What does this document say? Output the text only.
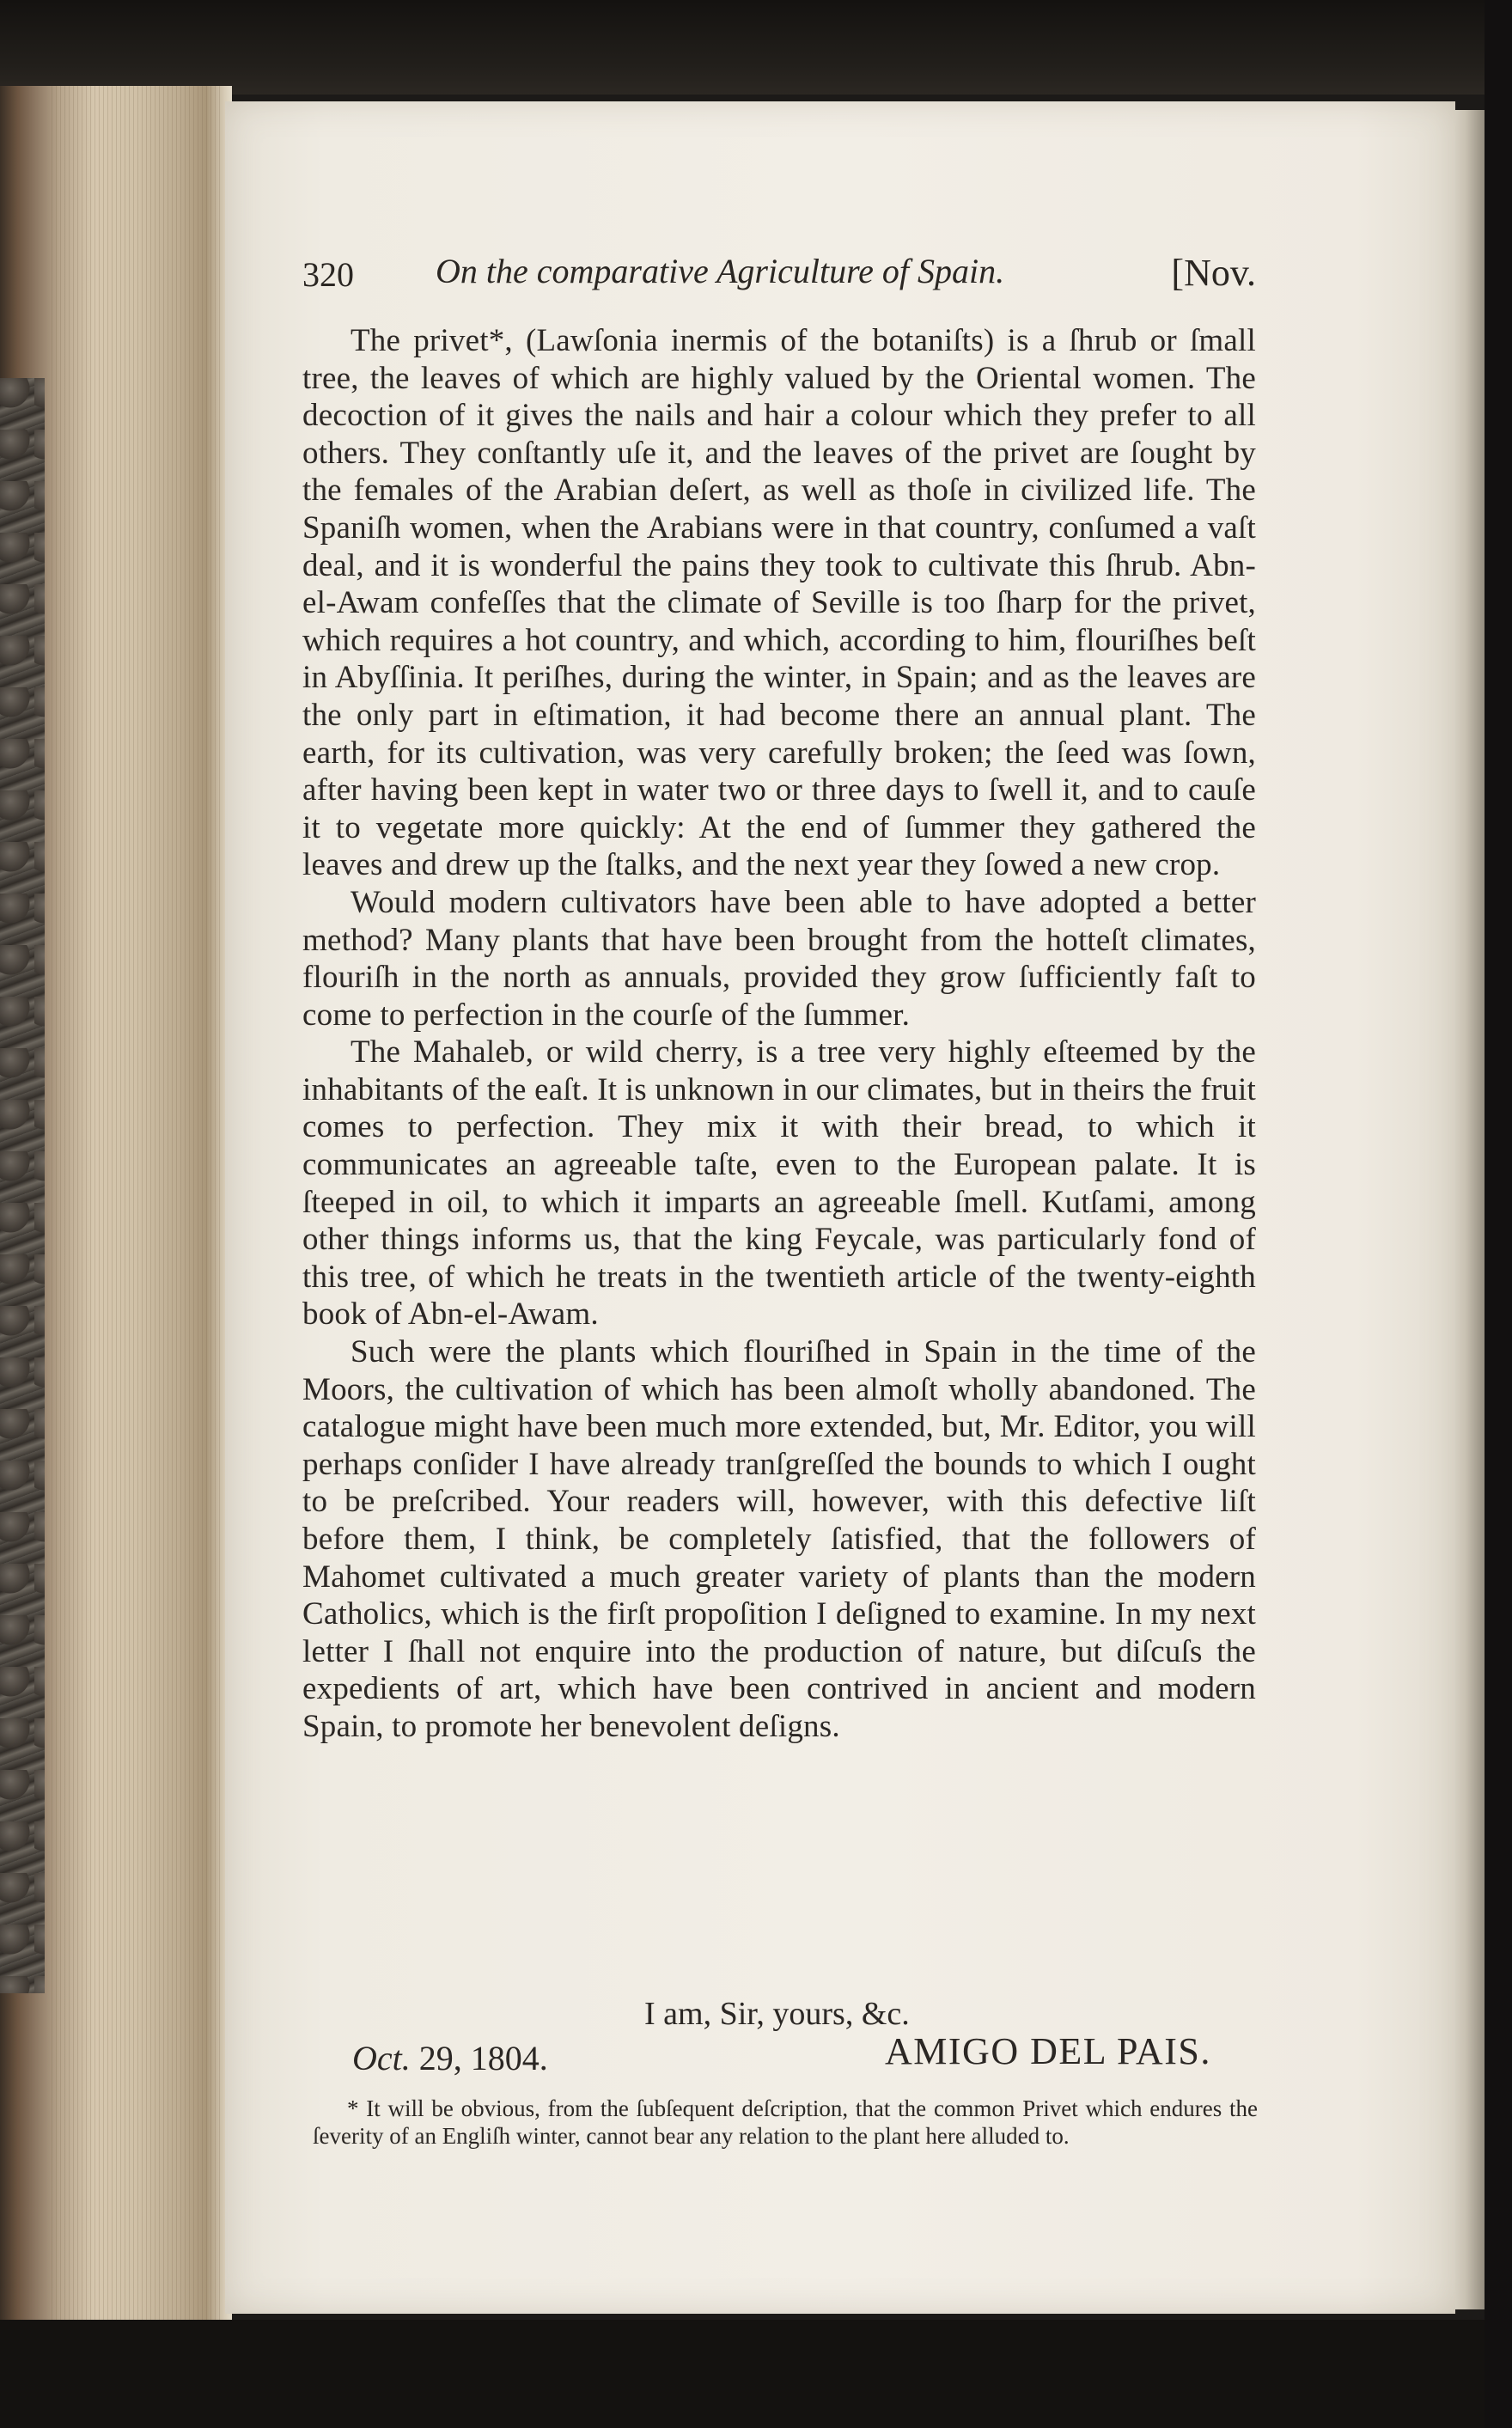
320 On the comparative Agriculture of Spain.	[Nov.

The privet*, (Lawſonia inermis of the botaniſts) is a ſhrub or ſmall tree, the leaves of which are highly valued by the Oriental women. The decoction of it gives the nails and hair a colour which they prefer to all others. They conſtantly uſe it, and the leaves of the privet are ſought by the females of the Arabian deſert, as well as thoſe in civilized life. The Spaniſh women, when the Arabians were in that country, conſumed a vaſt deal, and it is wonderful the pains they took to cultivate this ſhrub. Abn-el-Awam confeſſes that the climate of Seville is too ſharp for the privet, which requires a hot country, and which, according to him, flouriſhes beſt in Abyſſinia. It periſhes, during the winter, in Spain; and as the leaves are the only part in eſtimation, it had become there an annual plant. The earth, for its cultivation, was very carefully broken; the ſeed was ſown, after having been kept in water two or three days to ſwell it, and to cauſe it to vegetate more quickly: At the end of ſummer they gathered the leaves and drew up the ſtalks, and the next year they ſowed a new crop.

Would modern cultivators have been able to have adopted a better method? Many plants that have been brought from the hotteſt climates, flouriſh in the north as annuals, provided they grow ſufficiently faſt to come to perfection in the courſe of the ſummer.

The Mahaleb, or wild cherry, is a tree very highly eſteemed by the inhabitants of the eaſt. It is unknown in our climates, but in theirs the fruit comes to perfection. They mix it with their bread, to which it communicates an agreeable taſte, even to the European palate. It is ſteeped in oil, to which it imparts an agreeable ſmell. Kutſami, among other things informs us, that the king Feycale, was particularly fond of this tree, of which he treats in the twentieth article of the twenty-eighth book of Abn-el-Awam.

Such were the plants which flouriſhed in Spain in the time of the Moors, the cultivation of which has been almoſt wholly abandoned. The catalogue might have been much more extended, but, Mr. Editor, you will perhaps conſider I have already tranſgreſſed the bounds to which I ought to be preſcribed. Your readers will, however, with this defective liſt before them, I think, be completely ſatisfied, that the followers of Mahomet cultivated a much greater variety of plants than the modern Catholics, which is the firſt propoſition I deſigned to examine. In my next letter I ſhall not enquire into the production of nature, but diſcuſs the expedients of art, which have been contrived in ancient and modern Spain, to promote her benevolent deſigns.

I am, Sir, yours, &c.
Oct. 29, 1804.	AMIGO DEL PAIS.
* It will be obvious, from the ſubſequent deſcription, that the common Privet which endures the ſeverity of an Engliſh winter, cannot bear any relation to the plant here alluded to.
